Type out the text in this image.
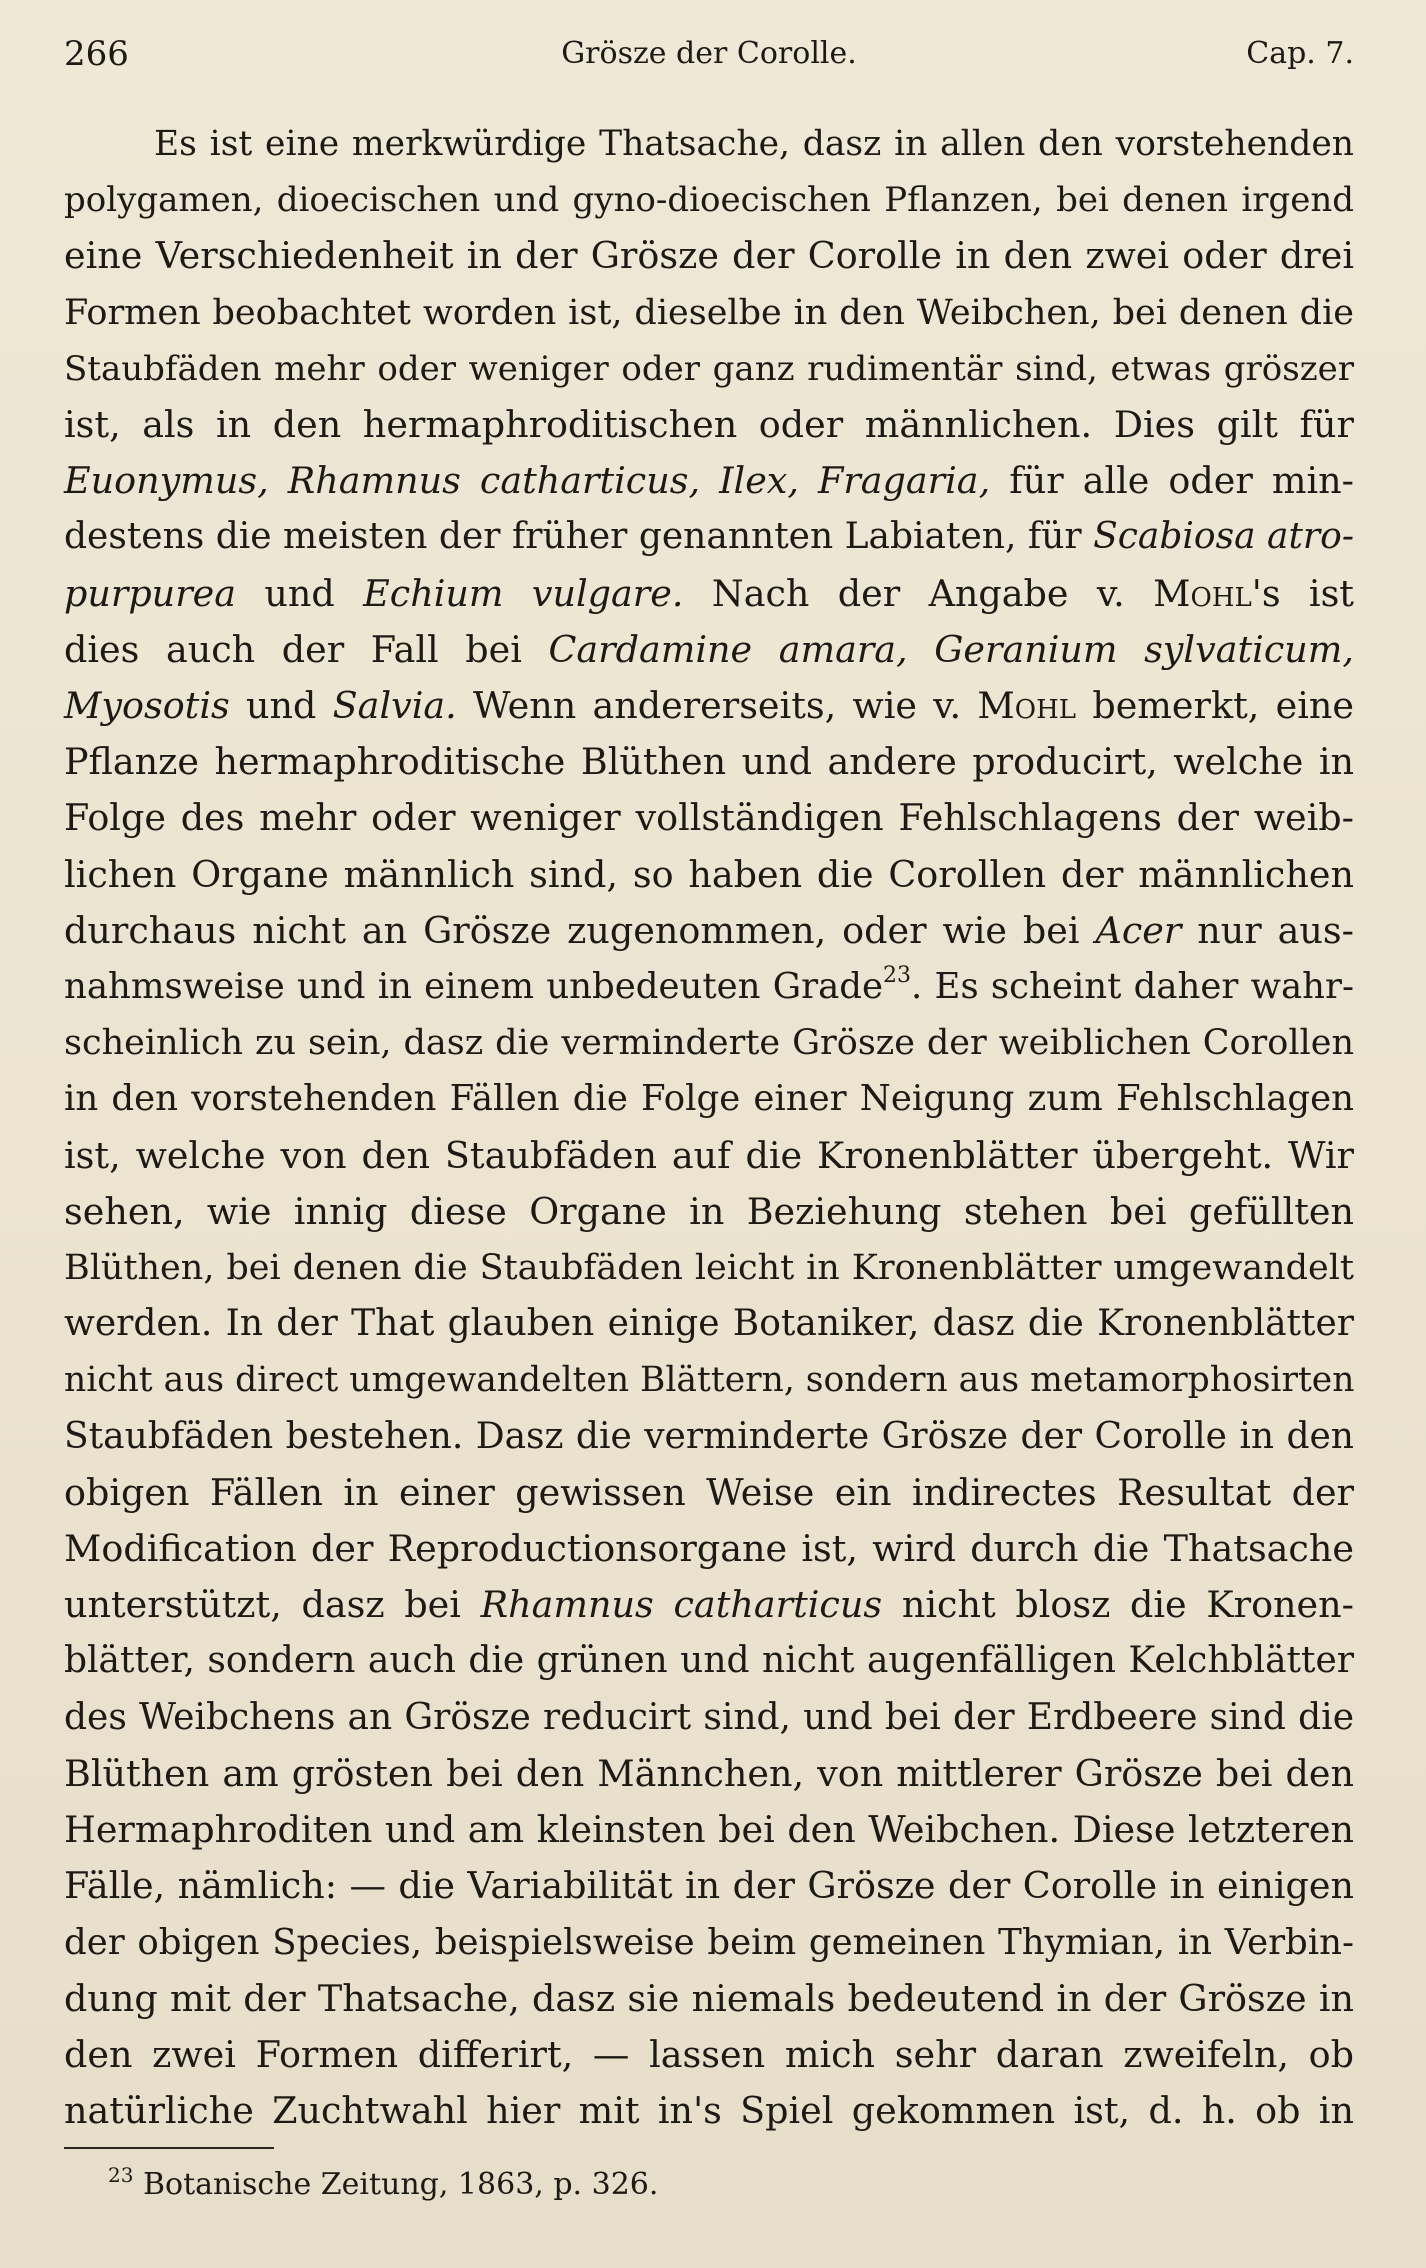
266	Grösze der Corolle.	Cap. 7.
Es ist eine merkwürdige Thatsache, dasz in allen den vorstehenden
polygamen, dioecischen und gyno-dioecischen Pflanzen, bei denen irgend
eine Verschiedenheit in der Grösze der Corolle in den zwei oder drei
Formen beobachtet worden ist, dieselbe in den Weibchen, bei denen die
Staubfäden mehr oder weniger oder ganz rudimentär sind, etwas gröszer
ist, als in den hermaphroditischen oder männlichen. Dies gilt für
Euonymus, Rhamnus catharticus, Ilex, Fragaria, für alle oder min-
destens die meisten der früher genannten Labiaten, für Scabiosa atro-
purpurea und Echium vulgare. Nach der Angabe v. Mohl's ist
dies auch der Fall bei Cardamine amara, Geranium sylvaticum,
Myosotis und Salvia. Wenn andererseits, wie v. Mohl bemerkt, eine
Pflanze hermaphroditische Blüthen und andere producirt, welche in
Folge des mehr oder weniger vollständigen Fehlschlagens der weib-
lichen Organe männlich sind, so haben die Corollen der männlichen
durchaus nicht an Grösze zugenommen, oder wie bei Acer nur aus-
nahmsweise und in einem unbedeuten Grade$^{23}$. Es scheint daher wahr-
scheinlich zu sein, dasz die verminderte Grösze der weiblichen Corollen
in den vorstehenden Fällen die Folge einer Neigung zum Fehlschlagen
ist, welche von den Staubfäden auf die Kronenblätter übergeht. Wir
sehen, wie innig diese Organe in Beziehung stehen bei gefüllten
Blüthen, bei denen die Staubfäden leicht in Kronenblätter umgewandelt
werden. In der That glauben einige Botaniker, dasz die Kronenblätter
nicht aus direct umgewandelten Blättern, sondern aus metamorphosirten
Staubfäden bestehen. Dasz die verminderte Grösze der Corolle in den
obigen Fällen in einer gewissen Weise ein indirectes Resultat der
Modification der Reproductionsorgane ist, wird durch die Thatsache
unterstützt, dasz bei Rhamnus catharticus nicht blosz die Kronen-
blätter, sondern auch die grünen und nicht augenfälligen Kelchblätter
des Weibchens an Grösze reducirt sind, und bei der Erdbeere sind die
Blüthen am grösten bei den Männchen, von mittlerer Grösze bei den
Hermaphroditen und am kleinsten bei den Weibchen. Diese letzteren
Fälle, nämlich: — die Variabilität in der Grösze der Corolle in einigen
der obigen Species, beispielsweise beim gemeinen Thymian, in Verbin-
dung mit der Thatsache, dasz sie niemals bedeutend in der Grösze in
den zwei Formen differirt, — lassen mich sehr daran zweifeln, ob
natürliche Zuchtwahl hier mit in's Spiel gekommen ist, d. h. ob in
$^{23}$ Botanische Zeitung, 1863, p. 326.
